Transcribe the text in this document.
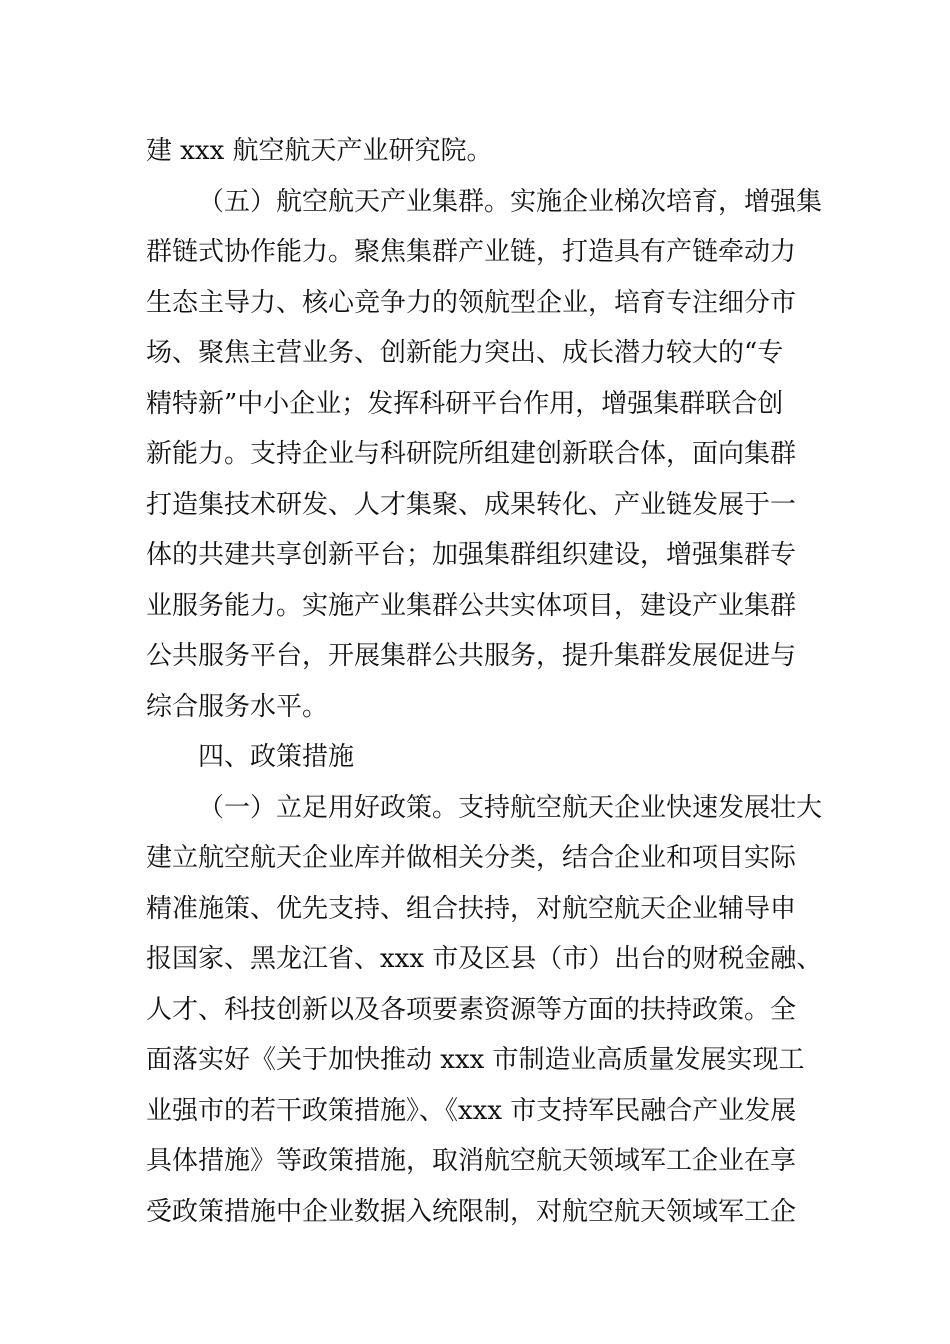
建 xxx 航空航天产业研究院。
（五）航空航天产业集群。实施企业梯次培育，增强集
群链式协作能力。聚焦集群产业链，打造具有产链牵动力
生态主导力、核心竞争力的领航型企业，培育专注细分市
场、聚焦主营业务、创新能力突出、成长潜力较大的“专
精特新”中小企业；发挥科研平台作用，增强集群联合创
新能力。支持企业与科研院所组建创新联合体，面向集群
打造集技术研发、人才集聚、成果转化、产业链发展于一
体的共建共享创新平台；加强集群组织建设，增强集群专
业服务能力。实施产业集群公共实体项目，建设产业集群
公共服务平台，开展集群公共服务，提升集群发展促进与
综合服务水平。
四、政策措施
（一）立足用好政策。支持航空航天企业快速发展壮大
建立航空航天企业库并做相关分类，结合企业和项目实际
精准施策、优先支持、组合扶持，对航空航天企业辅导申
报国家、黑龙江省、xxx 市及区县（市）出台的财税金融、
人才、科技创新以及各项要素资源等方面的扶持政策。全
面落实好《关于加快推动 xxx 市制造业高质量发展实现工
业强市的若干政策措施》、《xxx 市支持军民融合产业发展
具体措施》等政策措施，取消航空航天领域军工企业在享
受政策措施中企业数据入统限制，对航空航天领域军工企
